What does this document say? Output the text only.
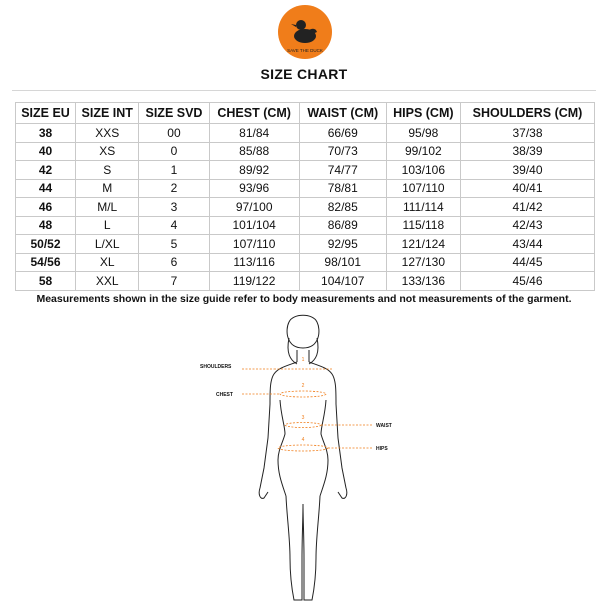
SAVE THE DUCK
SIZE CHART
SIZE EU	SIZE INT	SIZE SVD	CHEST (CM)	WAIST (CM)	HIPS (CM)	SHOULDERS (CM)
38	XXS	00	81/84	66/69	95/98	37/38
40	XS	0	85/88	70/73	99/102	38/39
42	S	1	89/92	74/77	103/106	39/40
44	M	2	93/96	78/81	107/110	40/41
46	M/L	3	97/100	82/85	111/114	41/42
48	L	4	101/104	86/89	115/118	42/43
50/52	L/XL	5	107/110	92/95	121/124	43/44
54/56	XL	6	113/116	98/101	127/130	44/45
58	XXL	7	119/122	104/107	133/136	45/46
Measurements shown in the size guide refer to body measurements and not measurements of the garment.
1
2
3
4
SHOULDERS
CHEST
WAIST
HIPS
